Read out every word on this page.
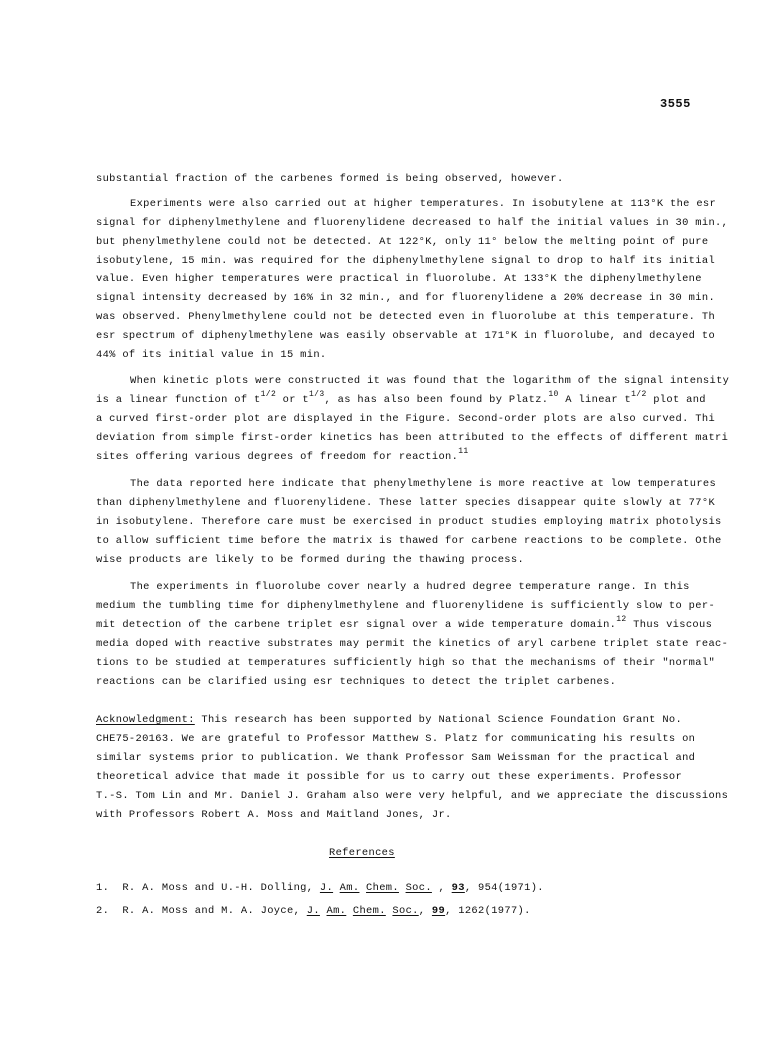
3555
substantial fraction of the carbenes formed is being observed, however.
Experiments were also carried out at higher temperatures. In isobutylene at 113°K the esr
signal for diphenylmethylene and fluorenylidene decreased to half the initial values in 30 min.,
but phenylmethylene could not be detected. At 122°K, only 11° below the melting point of pure
isobutylene, 15 min. was required for the diphenylmethylene signal to drop to half its initial
value. Even higher temperatures were practical in fluorolube. At 133°K the diphenylmethylene
signal intensity decreased by 16% in 32 min., and for fluorenylidene a 20% decrease in 30 min.
was observed. Phenylmethylene could not be detected even in fluorolube at this temperature. Th
esr spectrum of diphenylmethylene was easily observable at 171°K in fluorolube, and decayed to
44% of its initial value in 15 min.
When kinetic plots were constructed it was found that the logarithm of the signal intensity
is a linear function of $t^{1/2}$ or $t^{1/3}$, as has also been found by Platz.$^{10}$ A linear $t^{1/2}$ plot and
a curved first-order plot are displayed in the Figure. Second-order plots are also curved. Thi
deviation from simple first-order kinetics has been attributed to the effects of different matri
sites offering various degrees of freedom for reaction.$^{11}$
The data reported here indicate that phenylmethylene is more reactive at low temperatures
than diphenylmethylene and fluorenylidene. These latter species disappear quite slowly at 77°K
in isobutylene. Therefore care must be exercised in product studies employing matrix photolysis
to allow sufficient time before the matrix is thawed for carbene reactions to be complete. Othe
wise products are likely to be formed during the thawing process.
The experiments in fluorolube cover nearly a hudred degree temperature range. In this
medium the tumbling time for diphenylmethylene and fluorenylidene is sufficiently slow to per-
mit detection of the carbene triplet esr signal over a wide temperature domain.$^{12}$ Thus viscous
media doped with reactive substrates may permit the kinetics of aryl carbene triplet state reac-
tions to be studied at temperatures sufficiently high so that the mechanisms of their "normal"
reactions can be clarified using esr techniques to detect the triplet carbenes.
Acknowledgment: This research has been supported by National Science Foundation Grant No.
CHE75-20163. We are grateful to Professor Matthew S. Platz for communicating his results on
similar systems prior to publication. We thank Professor Sam Weissman for the practical and
theoretical advice that made it possible for us to carry out these experiments. Professor
T.-S. Tom Lin and Mr. Daniel J. Graham also were very helpful, and we appreciate the discussions
with Professors Robert A. Moss and Maitland Jones, Jr.
References
1. R. A. Moss and U.-H. Dolling, J. Am. Chem. Soc. , 93, 954(1971).
2. R. A. Moss and M. A. Joyce, J. Am. Chem. Soc., 99, 1262(1977).
